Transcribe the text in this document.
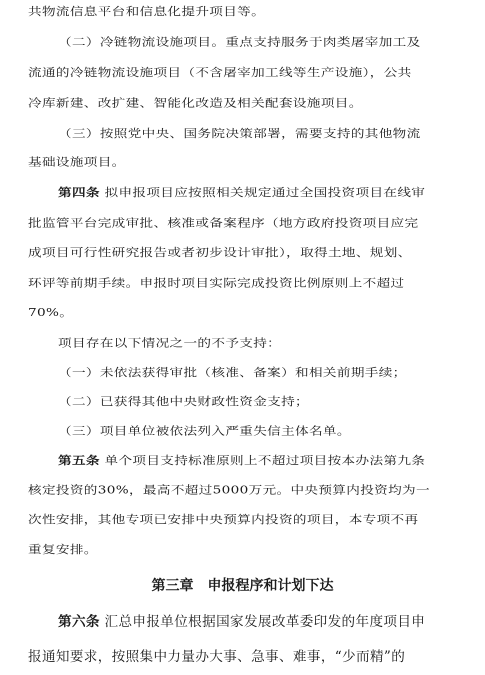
共物流信息平台和信息化提升项目等。
（二）冷链物流设施项目。重点支持服务于肉类屠宰加工及
流通的冷链物流设施项目（不含屠宰加工线等生产设施），公共
冷库新建、改扩建、智能化改造及相关配套设施项目。
（三）按照党中央、国务院决策部署，需要支持的其他物流
基础设施项目。
第四条 拟申报项目应按照相关规定通过全国投资项目在线审
批监管平台完成审批、核准或备案程序（地方政府投资项目应完
成项目可行性研究报告或者初步设计审批），取得土地、规划、
环评等前期手续。申报时项目实际完成投资比例原则上不超过
70%。
项目存在以下情况之一的不予支持：
（一）未依法获得审批（核准、备案）和相关前期手续；
（二）已获得其他中央财政性资金支持；
（三）项目单位被依法列入严重失信主体名单。
第五条 单个项目支持标准原则上不超过项目按本办法第九条
核定投资的30%，最高不超过5000万元。中央预算内投资均为一
次性安排，其他专项已安排中央预算内投资的项目，本专项不再
重复安排。
第三章　申报程序和计划下达
第六条 汇总申报单位根据国家发展改革委印发的年度项目申
报通知要求，按照集中力量办大事、急事、难事，“少而精”的
